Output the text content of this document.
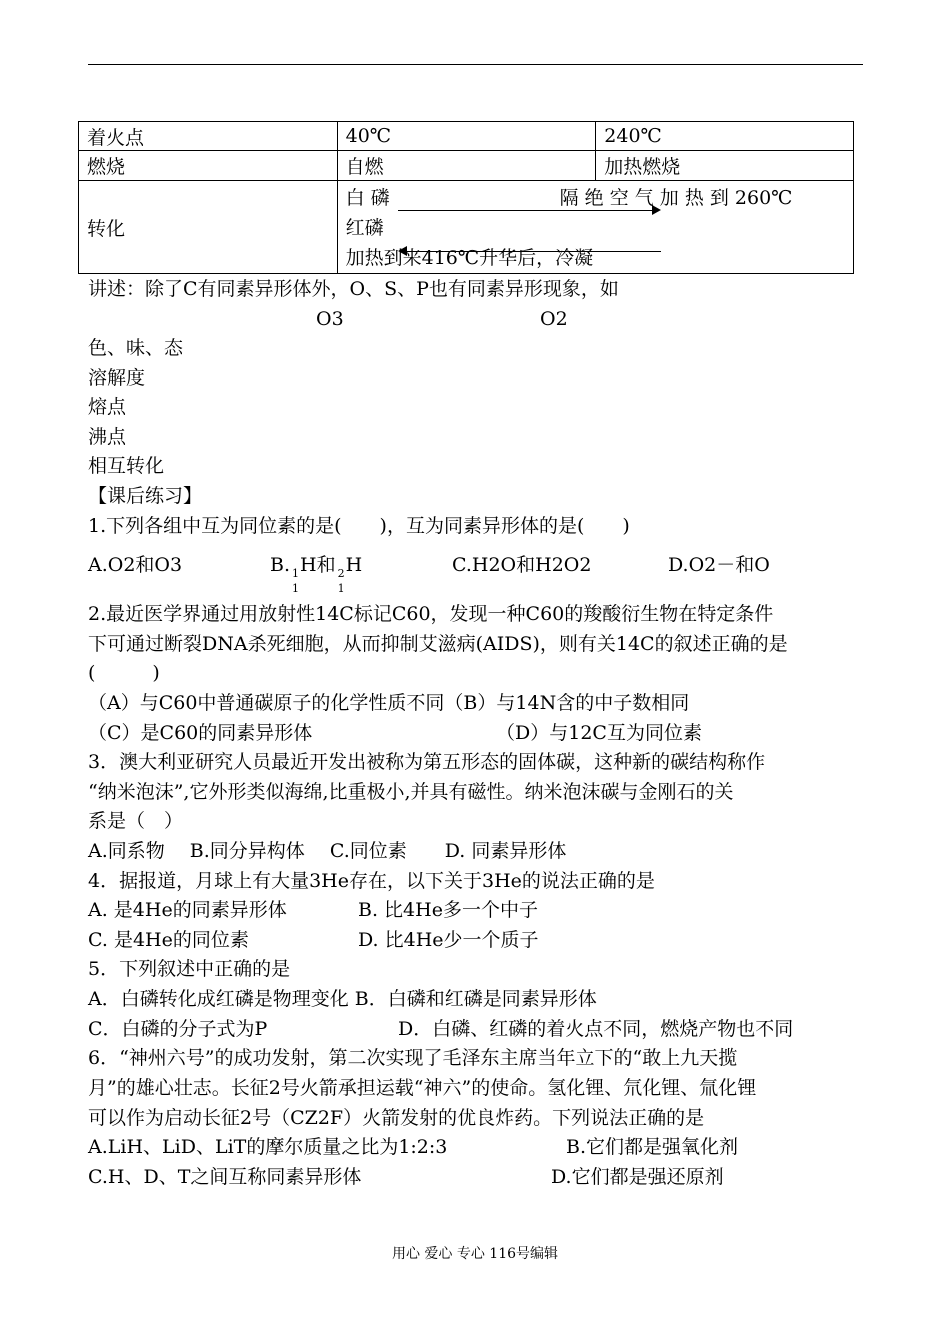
着火点	40℃	240℃
燃烧	自燃	加热燃烧
转化	白 磷 隔 绝 空 气 加 热 到 260℃
红磷
加热到来416℃升华后，冷凝	
讲述：除了C有同素异形体外，O、S、P也有同素异形现象，如
O3	O2
色、味、态
溶解度
熔点
沸点
相互转化
【课后练习】
1.下列各组中互为同位素的是(　　)，互为同素异形体的是(　　)
A.O2和O3	B. 1
1
H和 2
1
H	C.H2O和H2O2	D.O2－和O
2.最近医学界通过用放射性14C标记C60，发现一种C60的羧酸衍生物在特定条件
下可通过断裂DNA杀死细胞，从而抑制艾滋病(AIDS)，则有关14C的叙述正确的是
(　　　)
（A）与C60中普通碳原子的化学性质不同（B）与14N含的中子数相同
（C）是C60的同素异形体	（D）与12C互为同位素
3．澳大利亚研究人员最近开发出被称为第五形态的固体碳，这种新的碳结构称作
“纳米泡沫”,它外形类似海绵,比重极小,并具有磁性。纳米泡沫碳与金刚石的关
系是（　）
A.同系物　 B.同分异构体　 C.同位素　　D. 同素异形体
4．据报道，月球上有大量3He存在，以下关于3He的说法正确的是
A. 是4He的同素异形体	B. 比4He多一个中子
C. 是4He的同位素	D. 比4He少一个质子
5．下列叙述中正确的是
A．白磷转化成红磷是物理变化 B．白磷和红磷是同素异形体
C．白磷的分子式为P	D．白磷、红磷的着火点不同，燃烧产物也不同
6．“神州六号”的成功发射，第二次实现了毛泽东主席当年立下的“敢上九天揽
月”的雄心壮志。长征2号火箭承担运载“神六”的使命。氢化锂、氘化锂、氚化锂
可以作为启动长征2号（CZ2F）火箭发射的优良炸药。下列说法正确的是
A.LiH、LiD、LiT的摩尔质量之比为1:2:3	B.它们都是强氧化剂
C.H、D、T之间互称同素异形体	D.它们都是强还原剂
用心 爱心 专心 116号编辑
